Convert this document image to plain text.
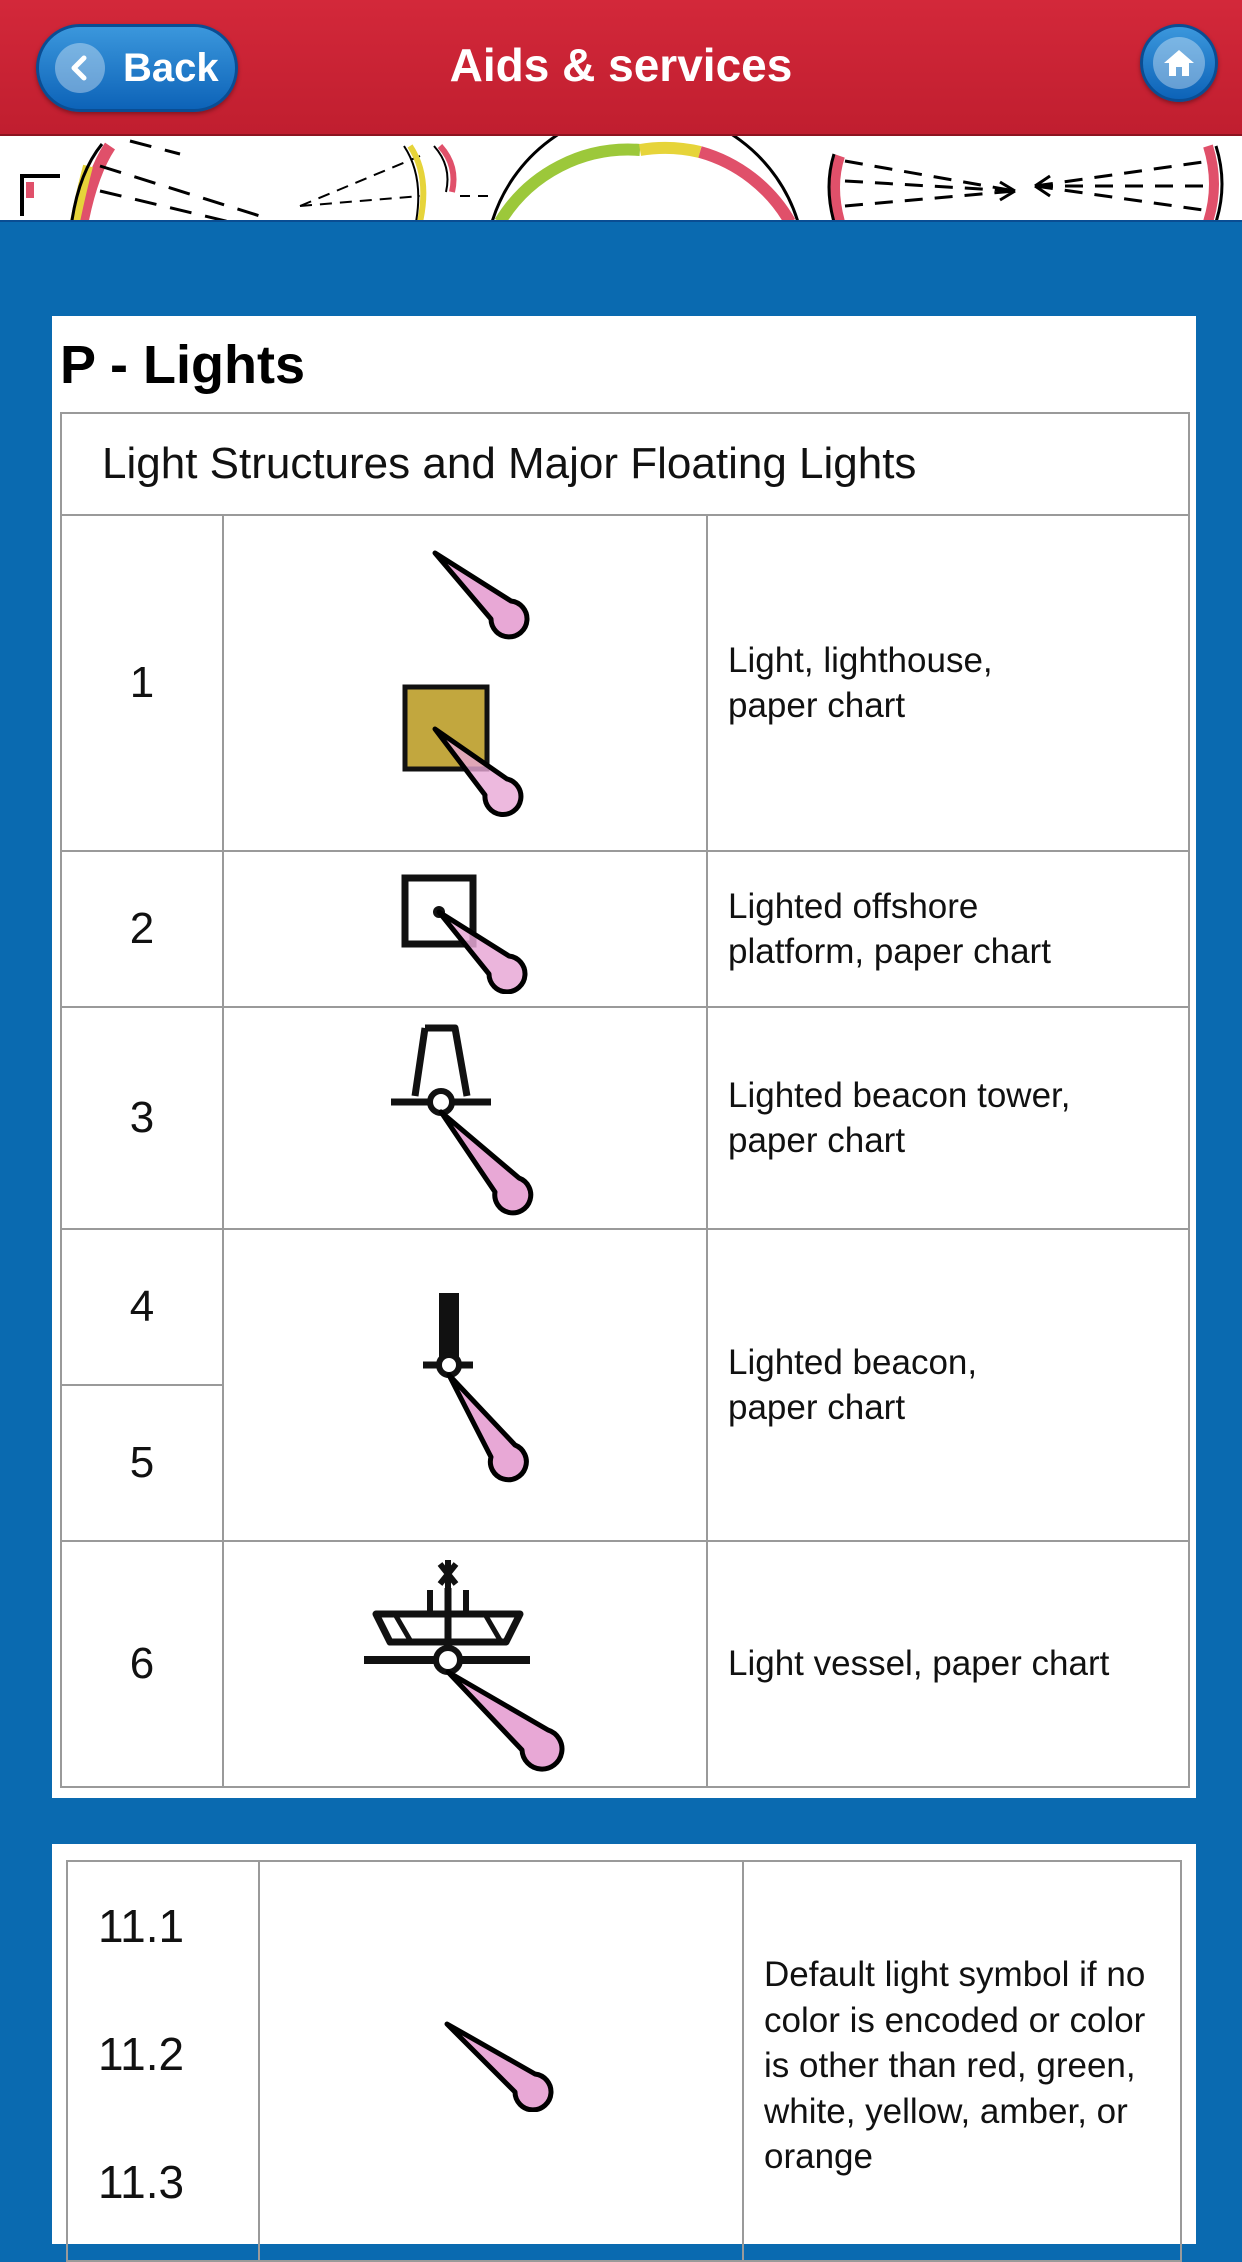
Back	Aids & services
P - Lights
Light Structures and Major Floating Lights		
1		Light, lighthouse,
paper chart

2		Lighted offshore
platform, paper chart

3		Lighted beacon tower,
paper chart

4		Lighted beacon,
paper chart

5		
6		Light vessel, paper chart
11.1
11.2
11.3

Default light symbol if no
color is encoded or color
is other than red, green,
white, yellow, amber, or
orange
